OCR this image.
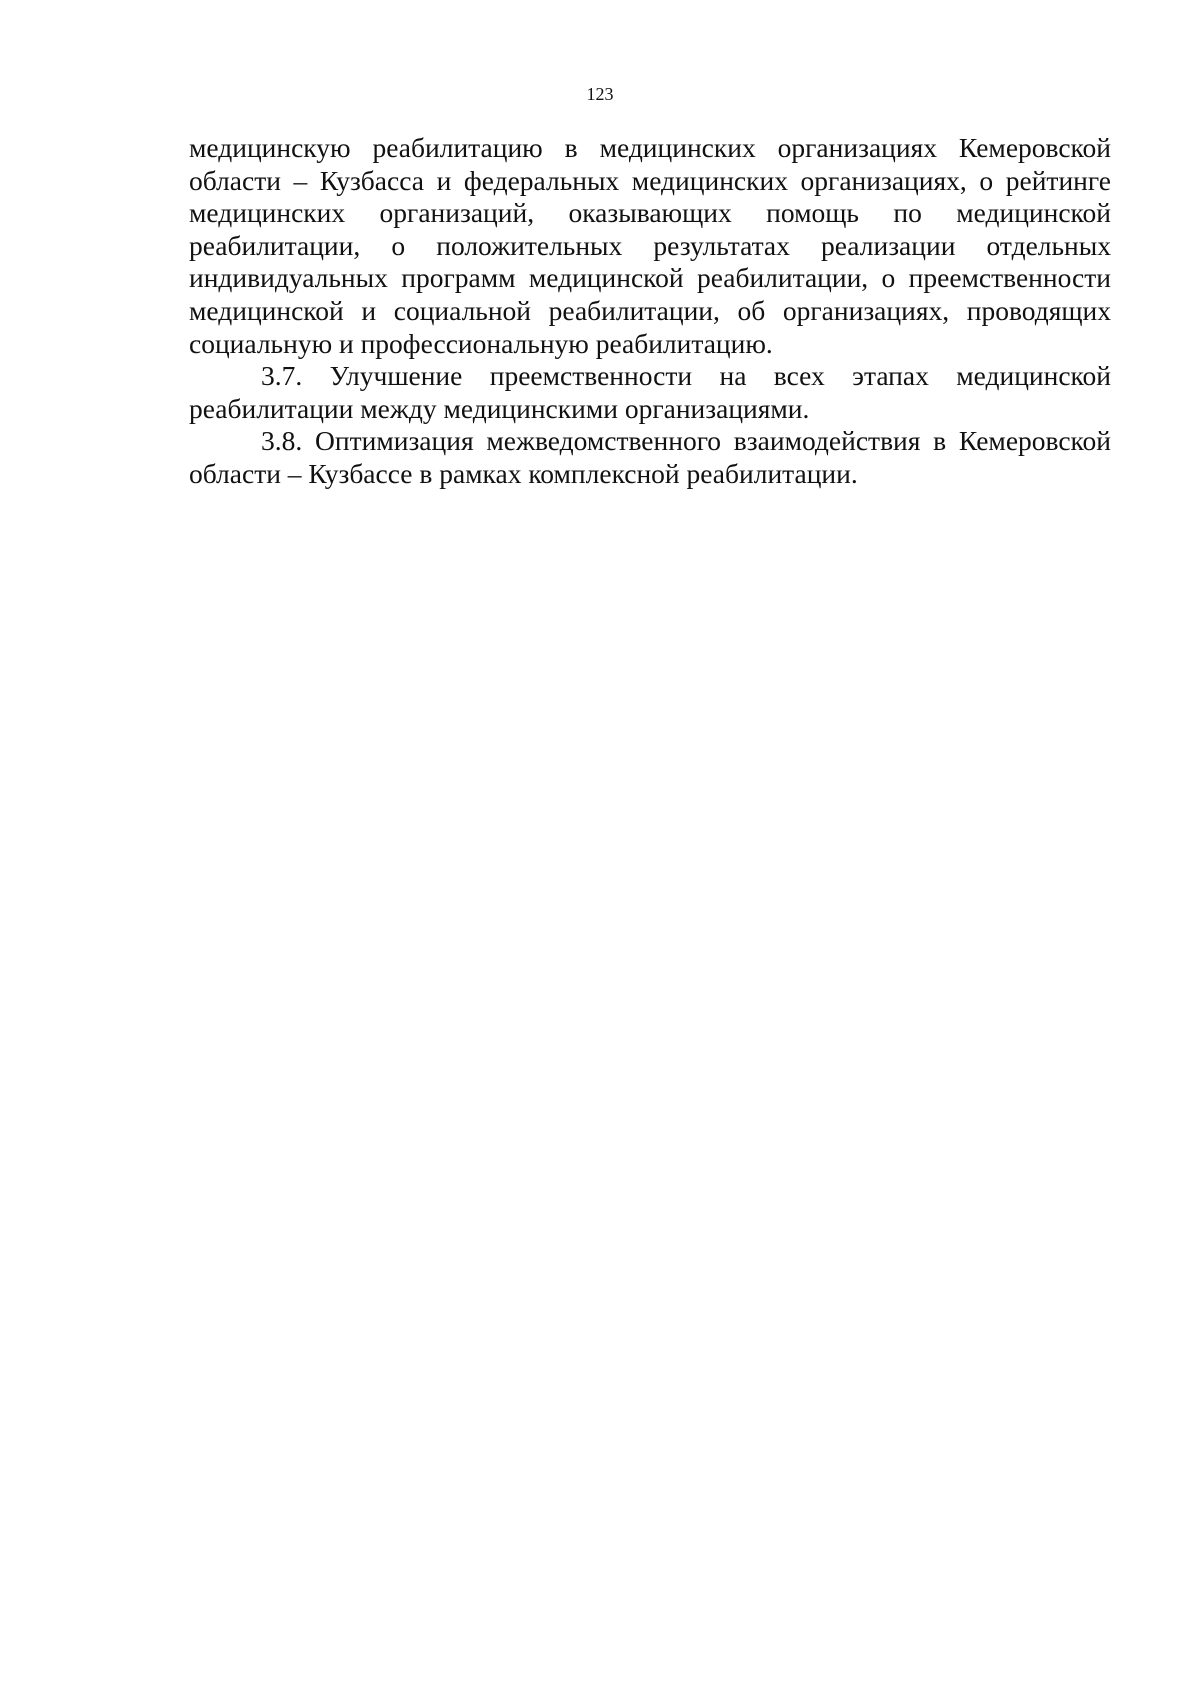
123

медицинскую реабилитацию в медицинских организациях Кемеровской области – Кузбасса и федеральных медицинских организациях, о рейтинге медицинских организаций, оказывающих помощь по медицинской реабилитации, о положительных результатах реализации отдельных индивидуальных программ медицинской реабилитации, о преемственности медицинской и социальной реабилитации, об организациях, проводящих социальную и профессиональную реабилитацию.

3.7. Улучшение преемственности на всех этапах медицинской реабилитации между медицинскими организациями.

3.8. Оптимизация межведомственного взаимодействия в Кемеровской области – Кузбассе в рамках комплексной реабилитации.
